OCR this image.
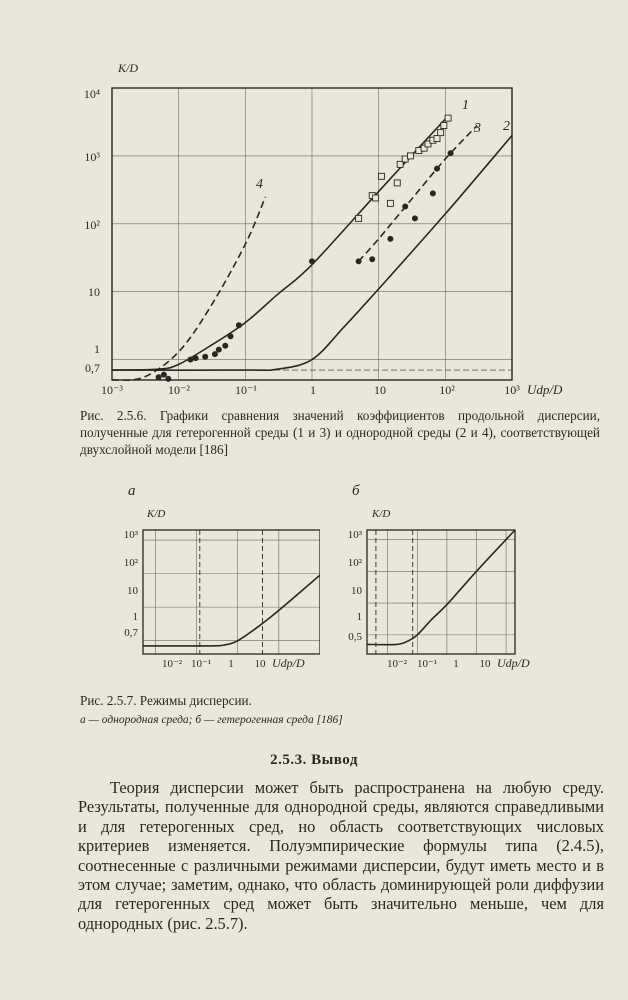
K/D
10⁴
10³
10²
10
1
0,7
10⁻³	10⁻²	10⁻¹	1	10	10²	10³ Udp/D
1
2
3
4
Рис. 2.5.6. Графики сравнения значений коэффициентов продольной дисперсии, полученные для гетерогенной среды (1 и 3) и однородной среды (2 и 4), соответствующей двухслойной модели [186]
а
K/D
10³
10²
10
1
0,7
10⁻² 10⁻¹ 1 10 Udp/D
б
K/D
10³
10²
10
1
0,5
10⁻² 10⁻¹ 1 10 Udp/D
Рис. 2.5.7. Режимы дисперсии.
а — однородная среда; б — гетерогенная среда [186]
2.5.3. Вывод

Теория дисперсии может быть распространена на любую среду. Результаты, полученные для однородной среды, являются справедливыми и для гетерогенных сред, но область соответствующих числовых критериев изменяется. Полуэмпирические формулы типа (2.4.5), соотнесенные с различными режимами дисперсии, будут иметь место и в этом случае; заметим, однако, что область доминирующей роли диффузии для гетерогенных сред может быть значительно меньше, чем для однородных (рис. 2.5.7).
